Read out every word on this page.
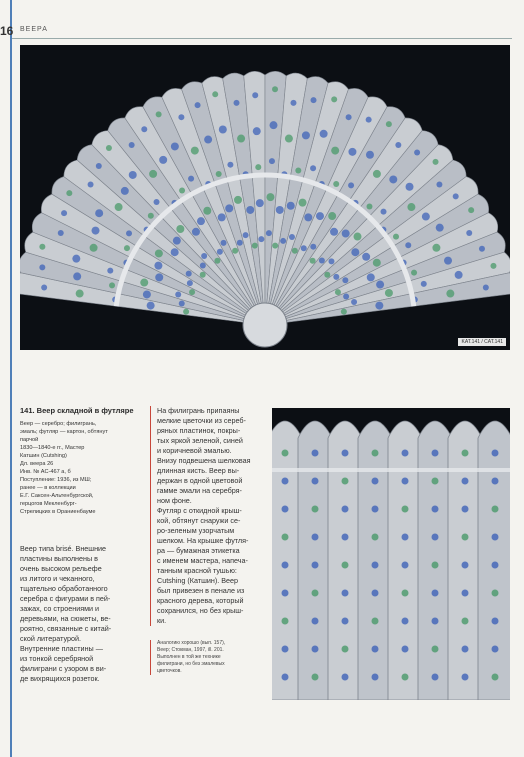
16 ВЕЕРА
KAT.141 / CAT.141

141. Веер складной в футляре

Веер — серебро; филигрань,
эмаль; футляр — картон, обтянут
парчой
1830—1840-е гг., Мастер
Катшин (Cutshing)
Дл. веера 26
Инв. № AC-467 а, б
Поступление: 1936, из МШ;
ранее — в коллекции
Е.Г. Саксен-Альтенбургской,
герцогов Мекленбург-
Стрелицких в Ораниенбауме
Веер типа brisé. Внешние
пластины выполнены в
очень высоком рельефе
из литого и чеканного,
тщательно обработанного
серебра с фигурами в пей-
зажах, со строениями и
деревьями, на сюжеты, ве-
роятно, связанные с китай-
ской литературой.
Внутренние пластины —
из тонкой серебряной
филиграни с узором в ви-
де вихрящихся розеток.
На филигрань припаяны
мелкие цветочки из сереб-
ряных пластинок, покры-
тых яркой зеленой, синей
и коричневой эмалью.
Внизу подвешена шелковая
длинная кисть. Веер вы-
держан в одной цветовой
гамме эмали на серебря-
ном фоне.
Футляр с откидной крыш-
кой, обтянут снаружи се-
ро-зеленым узорчатым
шелком. На крышке футля-
ра — бумажная этикетка
с именем мастера, напеча-
танным красной тушью:
Cutshing (Катшин). Веер
был привезен в пенале из
красного дерева, который
сохранился, но без крыш-
ки.
Аналогию хорошо (вып. 157),
Веер; Стокман, 1997, ill. 201.
Выполнен в той же технике
филиграни, но без эмалевых
цветочков.
